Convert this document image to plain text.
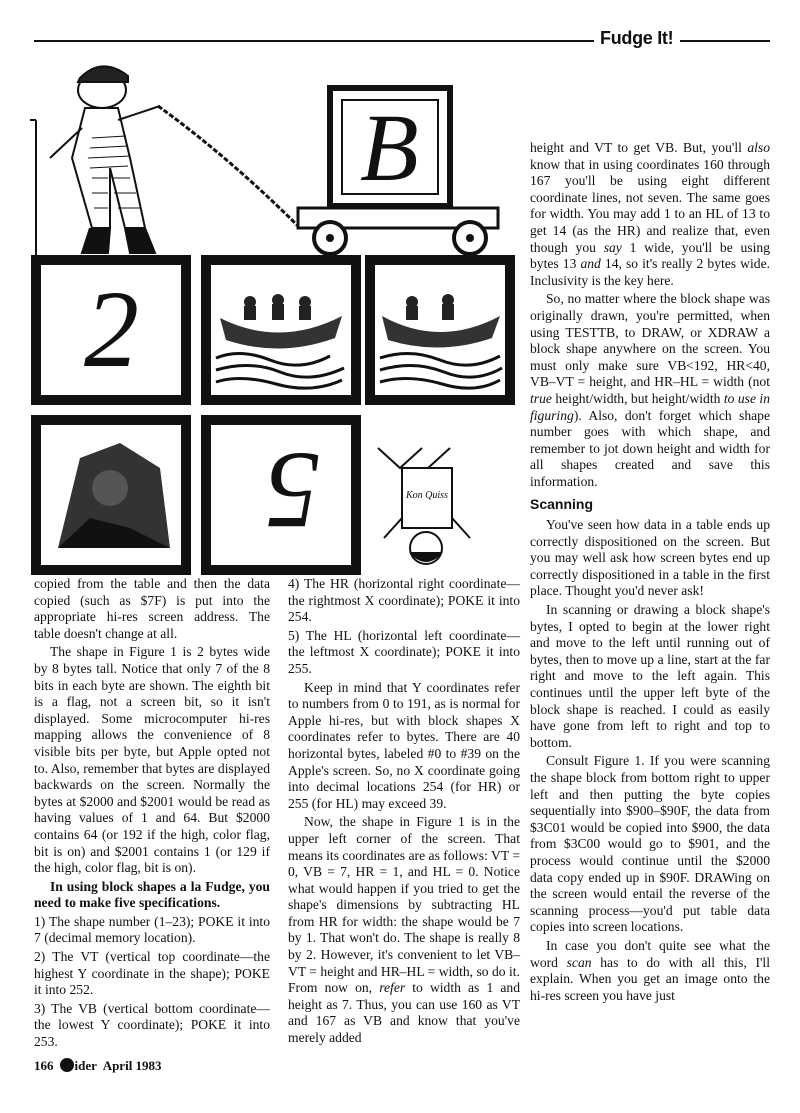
Fudge It!
B
2
GERK
5	Kon Quiss

copied from the table and then the data copied (such as $7F) is put into the appropriate hi-res screen address. The table doesn't change at all.

The shape in Figure 1 is 2 bytes wide by 8 bytes tall. Notice that only 7 of the 8 bits in each byte are shown. The eighth bit is a flag, not a screen bit, so it isn't displayed. Some microcomputer hi-res mapping allows the convenience of 8 visible bits per byte, but Apple opted not to. Also, remember that bytes are displayed backwards on the screen. Normally the bytes at $2000 and $2001 would be read as having values of 1 and 64. But $2000 contains 64 (or 192 if the high, color flag, bit is on) and $2001 contains 1 (or 129 if the high, color flag, bit is on).

In using block shapes a la Fudge, you need to make five specifications.

1) The shape number (1–23); POKE it into 7 (decimal memory location).

2) The VT (vertical top coordinate—the highest Y coordinate in the shape); POKE it into 252.

3) The VB (vertical bottom coordinate—the lowest Y coordinate); POKE it into 253.

4) The HR (horizontal right coordinate—the rightmost X coordinate); POKE it into 254.

5) The HL (horizontal left coordinate—the leftmost X coordinate); POKE it into 255.

Keep in mind that Y coordinates refer to numbers from 0 to 191, as is normal for Apple hi-res, but with block shapes X coordinates refer to bytes. There are 40 horizontal bytes, labeled #0 to #39 on the Apple's screen. So, no X coordinate going into decimal locations 254 (for HR) or 255 (for HL) may exceed 39.

Now, the shape in Figure 1 is in the upper left corner of the screen. That means its coordinates are as follows: VT = 0, VB = 7, HR = 1, and HL = 0. Notice what would happen if you tried to get the shape's dimensions by subtracting HL from HR for width: the shape would be 7 by 1. That won't do. The shape is really 8 by 2. However, it's convenient to let VB–VT = height and HR–HL = width, so do it. From now on, refer to width as 1 and height as 7. Thus, you can use 160 as VT and 167 as VB and know that you've merely added

height and VT to get VB. But, you'll also know that in using coordinates 160 through 167 you'll be using eight different coordinate lines, not seven. The same goes for width. You may add 1 to an HL of 13 to get 14 (as the HR) and realize that, even though you say 1 wide, you'll be using bytes 13 and 14, so it's really 2 bytes wide. Inclusivity is the key here.

So, no matter where the block shape was originally drawn, you're permitted, when using TESTTB, to DRAW, or XDRAW a block shape anywhere on the screen. You must only make sure VB<192, HR<40, VB–VT = height, and HR–HL = width (not true height/width, but height/width to use in figuring). Also, don't forget which shape number goes with which shape, and remember to jot down height and width for all shapes created and save this information.

Scanning

You've seen how data in a table ends up correctly dispositioned on the screen. But you may well ask how screen bytes end up correctly dispositioned in a table in the first place. Thought you'd never ask!

In scanning or drawing a block shape's bytes, I opted to begin at the lower right and move to the left until running out of bytes, then to move up a line, start at the far right and move to the left again. This continues until the upper left byte of the block shape is reached. I could as easily have gone from left to right and top to bottom.

Consult Figure 1. If you were scanning the shape block from bottom right to upper left and then putting the byte copies sequentially into $900–$90F, the data from $3C01 would be copied into $900, the data from $3C00 would go to $901, and the process would continue until the $2000 data copy ended up in $90F. DRAWing on the screen would entail the reverse of the scanning process—you'd put table data copies into screen locations.

In case you don't quite see what the word scan has to do with all this, I'll explain. When you get an image onto the hi-res screen you have just

166 ider April 1983
